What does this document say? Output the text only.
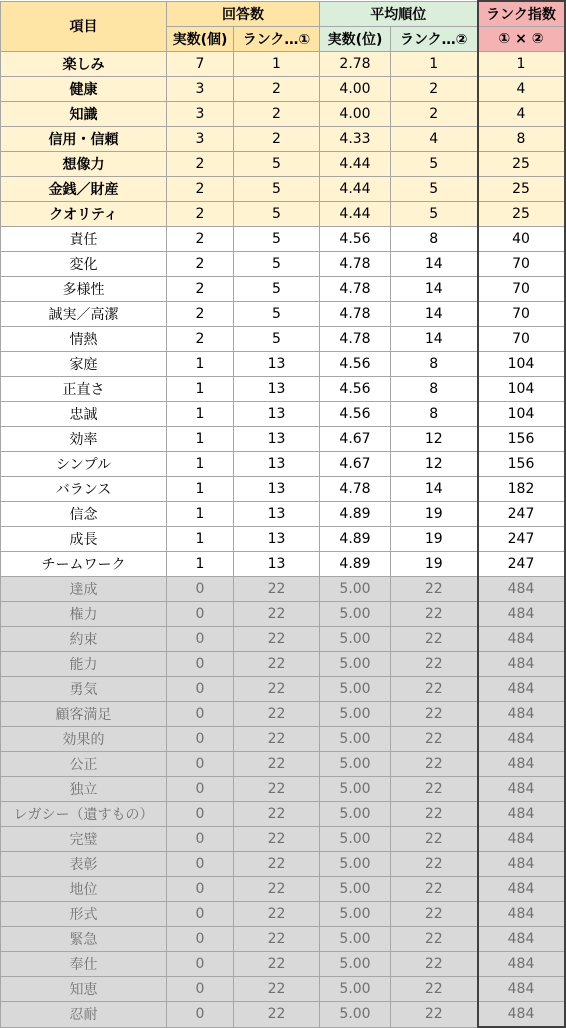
項目	回答数		平均順位		ランク指数
	実数(個)	ランク…①	実数(位)	ランク…②	① × ②
楽しみ	7	1	2.78	1	1
健康	3	2	4.00	2	4
知識	3	2	4.00	2	4
信用・信頼	3	2	4.33	4	8
想像力	2	5	4.44	5	25
金銭／財産	2	5	4.44	5	25
クオリティ	2	5	4.44	5	25
責任	2	5	4.56	8	40
変化	2	5	4.78	14	70
多様性	2	5	4.78	14	70
誠実／高潔	2	5	4.78	14	70
情熱	2	5	4.78	14	70
家庭	1	13	4.56	8	104
正直さ	1	13	4.56	8	104
忠誠	1	13	4.56	8	104
効率	1	13	4.67	12	156
シンプル	1	13	4.67	12	156
バランス	1	13	4.78	14	182
信念	1	13	4.89	19	247
成長	1	13	4.89	19	247
チームワーク	1	13	4.89	19	247
達成	0	22	5.00	22	484
権力	0	22	5.00	22	484
約束	0	22	5.00	22	484
能力	0	22	5.00	22	484
勇気	0	22	5.00	22	484
顧客満足	0	22	5.00	22	484
効果的	0	22	5.00	22	484
公正	0	22	5.00	22	484
独立	0	22	5.00	22	484
レガシー（遺すもの）	0	22	5.00	22	484
完璧	0	22	5.00	22	484
表彰	0	22	5.00	22	484
地位	0	22	5.00	22	484
形式	0	22	5.00	22	484
緊急	0	22	5.00	22	484
奉仕	0	22	5.00	22	484
知恵	0	22	5.00	22	484
忍耐	0	22	5.00	22	484
